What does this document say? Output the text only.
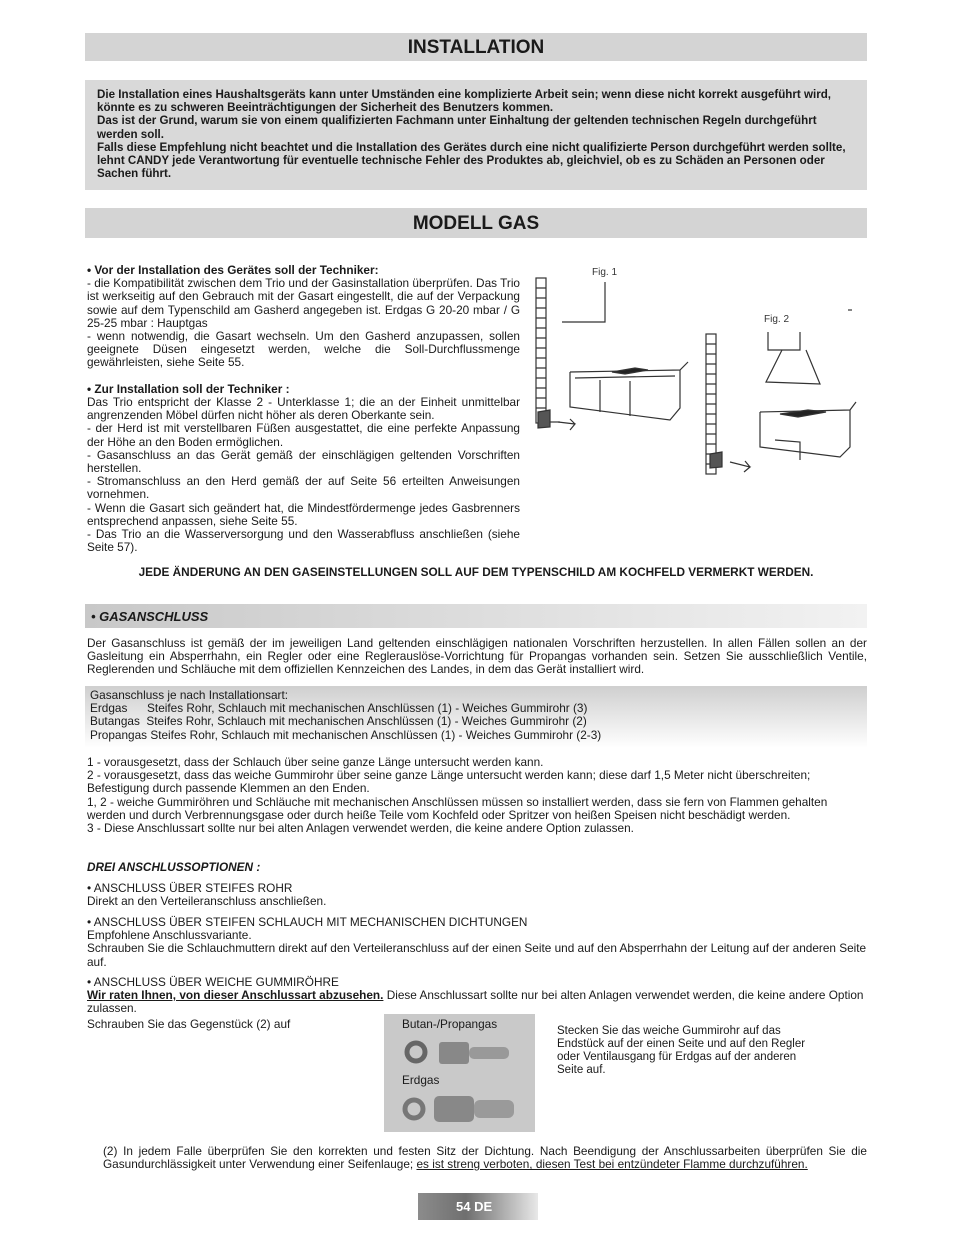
INSTALLATION

Die Installation eines Haushaltsgeräts kann unter Umständen eine komplizierte Arbeit sein; wenn diese nicht korrekt ausgeführt wird, könnte es zu schweren Beeinträchtigungen der Sicherheit des Benutzers kommen.

Das ist der Grund, warum sie von einem qualifizierten Fachmann unter Einhaltung der geltenden technischen Regeln durchgeführt werden soll.

Falls diese Empfehlung nicht beachtet und die Installation des Gerätes durch eine nicht qualifizierte Person durchgeführt werden sollte, lehnt CANDY jede Verantwortung für eventuelle technische Fehler des Produktes ab, gleichviel, ob es zu Schäden an Personen oder Sachen führt.

MODELL GAS

• Vor der Installation des Gerätes soll der Techniker:

- die Kompatibilität zwischen dem Trio und der Gasinstallation überprüfen. Das Trio ist werkseitig auf den Gebrauch mit der Gasart eingestellt, die auf der Verpackung sowie auf dem Typenschild am Gasherd angegeben ist. Erdgas G 20-20 mbar / G 25-25 mbar : Hauptgas

- wenn notwendig, die Gasart wechseln. Um den Gasherd anzupassen, sollen geeignete Düsen eingesetzt werden, welche die Soll-Durchflussmenge gewährleisten, siehe Seite 55.

• Zur Installation soll der Techniker :

Das Trio entspricht der Klasse 2 - Unterklasse 1; die an der Einheit unmittelbar angrenzenden Möbel dürfen nicht höher als deren Oberkante sein.

- der Herd ist mit verstellbaren Füßen ausgestattet, die eine perfekte Anpassung der Höhe an den Boden ermöglichen.

- Gasanschluss an das Gerät gemäß der einschlägigen geltenden Vorschriften herstellen.

- Stromanschluss an den Herd gemäß der auf Seite 56 erteilten Anweisungen vornehmen.

- Wenn die Gasart sich geändert hat, die Mindestfördermenge jedes Gasbrenners entsprechend anpassen, siehe Seite 55.

- Das Trio an die Wasserversorgung und den Wasserabfluss anschließen (siehe Seite 57).

Fig. 1
Fig. 2
JEDE ÄNDERUNG AN DEN GASEINSTELLUNGEN SOLL AUF DEM TYPENSCHILD AM KOCHFELD VERMERKT WERDEN.
• GASANSCHLUSS
Der Gasanschluss ist gemäß der im jeweiligen Land geltenden einschlägigen nationalen Vorschriften herzustellen. In allen Fällen sollen an der Gasleitung ein Absperrhahn, ein Regler oder eine Reglerauslöse-Vorrichtung für Propangas vorhanden sein. Setzen Sie ausschließlich Ventile, Reglerenden und Schläuche mit dem offiziellen Kennzeichen des Landes, in dem das Gerät installiert wird.

Gasanschluss je nach Installationsart:

Erdgas      Steifes Rohr, Schlauch mit mechanischen Anschlüssen (1) - Weiches Gummirohr (3)

Butangas  Steifes Rohr, Schlauch mit mechanischen Anschlüssen (1) - Weiches Gummirohr (2)

Propangas Steifes Rohr, Schlauch mit mechanischen Anschlüssen (1) - Weiches Gummirohr (2-3)

1 - vorausgesetzt, dass der Schlauch über seine ganze Länge untersucht werden kann.

2 - vorausgesetzt, dass das weiche Gummirohr über seine ganze Länge untersucht werden kann; diese darf 1,5 Meter nicht überschreiten; Befestigung durch passende Klemmen an den Enden.

1, 2 - weiche Gummiröhren und Schläuche mit mechanischen Anschlüssen müssen so installiert werden, dass sie fern von Flammen gehalten werden und durch Verbrennungsgase oder durch heiße Teile vom Kochfeld oder Spritzer von heißen Speisen nicht beschädigt werden.

3 - Diese Anschlussart sollte nur bei alten Anlagen verwendet werden, die keine andere Option zulassen.

DREI ANSCHLUSSOPTIONEN :

• ANSCHLUSS ÜBER STEIFES ROHR

Direkt an den Verteileranschluss anschließen.

• ANSCHLUSS ÜBER STEIFEN SCHLAUCH MIT MECHANISCHEN DICHTUNGEN

Empfohlene Anschlussvariante.

Schrauben Sie die Schlauchmuttern direkt auf den Verteileranschluss auf der einen Seite und auf den Absperrhahn der Leitung auf der anderen Seite auf.

• ANSCHLUSS ÜBER WEICHE GUMMIRÖHRE

Wir raten Ihnen, von dieser Anschlussart abzusehen. Diese Anschlussart sollte nur bei alten Anlagen verwendet werden, die keine andere Option zulassen.

Schrauben Sie das Gegenstück (2) auf	Butan-/Propangas
Erdgas
Stecken Sie das weiche Gummirohr auf das Endstück auf der einen Seite und auf den Regler oder Ventilausgang für Erdgas auf der anderen Seite auf.
(2) In jedem Falle überprüfen Sie den korrekten und festen Sitz der Dichtung. Nach Beendigung der Anschlussarbeiten überprüfen Sie die Gasundurchlässigkeit unter Verwendung einer Seifenlauge; es ist streng verboten, diesen Test bei entzündeter Flamme durchzuführen.
54 DE
